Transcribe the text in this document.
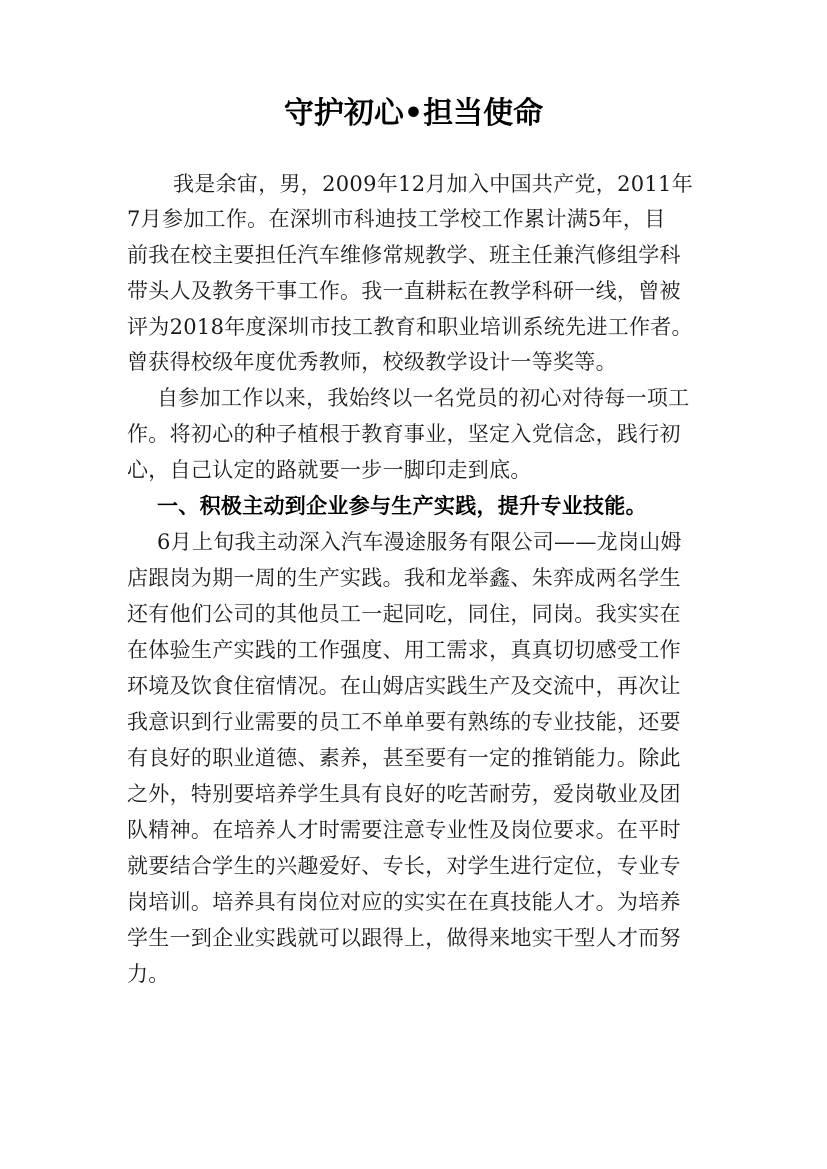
守护初心•担当使命
我是余宙，男，2009年12月加入中国共产党，2011年
7月参加工作。在深圳市科迪技工学校工作累计满5年，目
前我在校主要担任汽车维修常规教学、班主任兼汽修组学科
带头人及教务干事工作。我一直耕耘在教学科研一线，曾被
评为2018年度深圳市技工教育和职业培训系统先进工作者。
曾获得校级年度优秀教师，校级教学设计一等奖等。
自参加工作以来，我始终以一名党员的初心对待每一项工
作。将初心的种子植根于教育事业，坚定入党信念，践行初
心，自己认定的路就要一步一脚印走到底。
一、积极主动到企业参与生产实践，提升专业技能。
6月上旬我主动深入汽车漫途服务有限公司——龙岗山姆
店跟岗为期一周的生产实践。我和龙举鑫、朱弈成两名学生
还有他们公司的其他员工一起同吃，同住，同岗。我实实在
在体验生产实践的工作强度、用工需求，真真切切感受工作
环境及饮食住宿情况。在山姆店实践生产及交流中，再次让
我意识到行业需要的员工不单单要有熟练的专业技能，还要
有良好的职业道德、素养，甚至要有一定的推销能力。除此
之外，特别要培养学生具有良好的吃苦耐劳，爱岗敬业及团
队精神。在培养人才时需要注意专业性及岗位要求。在平时
就要结合学生的兴趣爱好、专长，对学生进行定位，专业专
岗培训。培养具有岗位对应的实实在在真技能人才。为培养
学生一到企业实践就可以跟得上，做得来地实干型人才而努
力。
